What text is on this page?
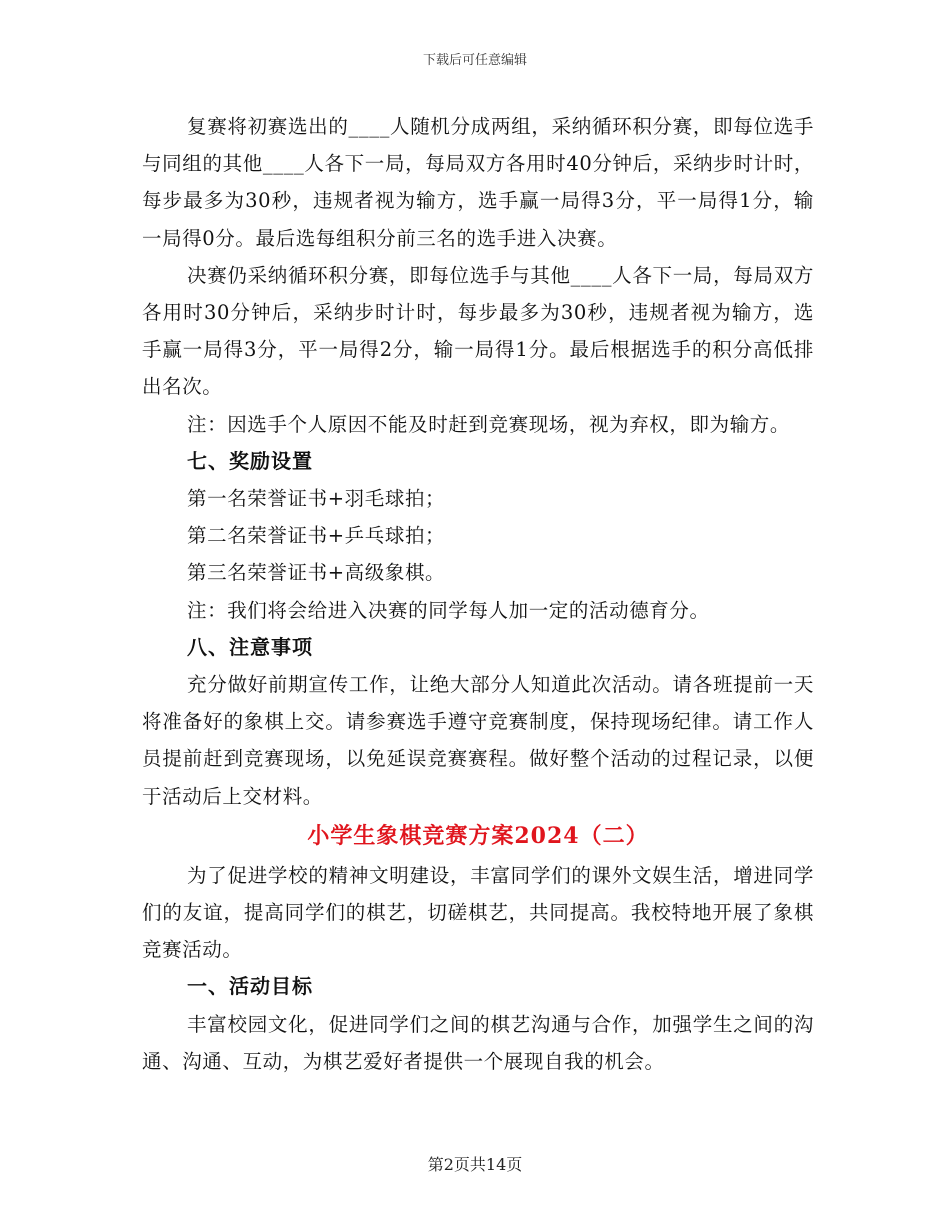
下载后可任意编辑

复赛将初赛选出的____人随机分成两组，采纳循环积分赛，即每位选手与同组的其他____人各下一局，每局双方各用时40分钟后，采纳步时计时，每步最多为30秒，违规者视为输方，选手赢一局得3分，平一局得1分，输一局得0分。最后选每组积分前三名的选手进入决赛。

决赛仍采纳循环积分赛，即每位选手与其他____人各下一局，每局双方各用时30分钟后，采纳步时计时，每步最多为30秒，违规者视为输方，选手赢一局得3分，平一局得2分，输一局得1分。最后根据选手的积分高低排出名次。

注：因选手个人原因不能及时赶到竞赛现场，视为弃权，即为输方。

七、奖励设置

第一名荣誉证书+羽毛球拍；

第二名荣誉证书+乒乓球拍；

第三名荣誉证书+高级象棋。

注：我们将会给进入决赛的同学每人加一定的活动德育分。

八、注意事项

充分做好前期宣传工作，让绝大部分人知道此次活动。请各班提前一天将准备好的象棋上交。请参赛选手遵守竞赛制度，保持现场纪律。请工作人员提前赶到竞赛现场，以免延误竞赛赛程。做好整个活动的过程记录，以便于活动后上交材料。

小学生象棋竞赛方案2024（二）

为了促进学校的精神文明建设，丰富同学们的课外文娱生活，增进同学们的友谊，提高同学们的棋艺，切磋棋艺，共同提高。我校特地开展了象棋竞赛活动。

一、活动目标

丰富校园文化，促进同学们之间的棋艺沟通与合作，加强学生之间的沟通、沟通、互动，为棋艺爱好者提供一个展现自我的机会。

第2页共14页
